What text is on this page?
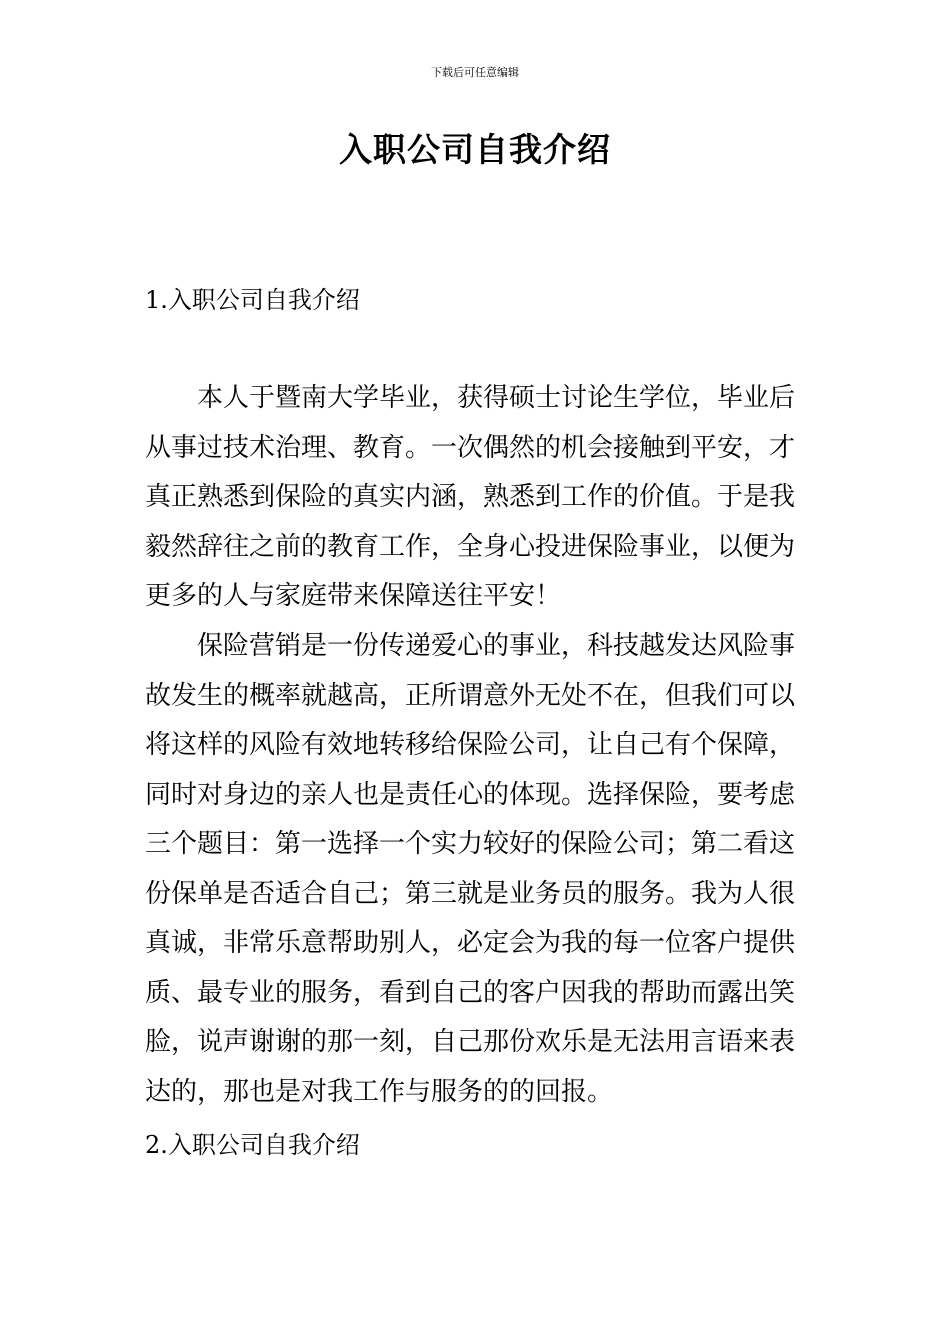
下载后可任意编辑
入职公司自我介绍
1.入职公司自我介绍
本人于暨南大学毕业，获得硕士讨论生学位，毕业后
从事过技术治理、教育。一次偶然的机会接触到平安，才
真正熟悉到保险的真实内涵，熟悉到工作的价值。于是我
毅然辞往之前的教育工作，全身心投进保险事业，以便为
更多的人与家庭带来保障送往平安！
保险营销是一份传递爱心的事业，科技越发达风险事
故发生的概率就越高，正所谓意外无处不在，但我们可以
将这样的风险有效地转移给保险公司，让自己有个保障，
同时对身边的亲人也是责任心的体现。选择保险，要考虑
三个题目：第一选择一个实力较好的保险公司；第二看这
份保单是否适合自己；第三就是业务员的服务。我为人很
真诚，非常乐意帮助别人，必定会为我的每一位客户提供
质、最专业的服务，看到自己的客户因我的帮助而露出笑
脸，说声谢谢的那一刻，自己那份欢乐是无法用言语来表
达的，那也是对我工作与服务的的回报。
2.入职公司自我介绍
